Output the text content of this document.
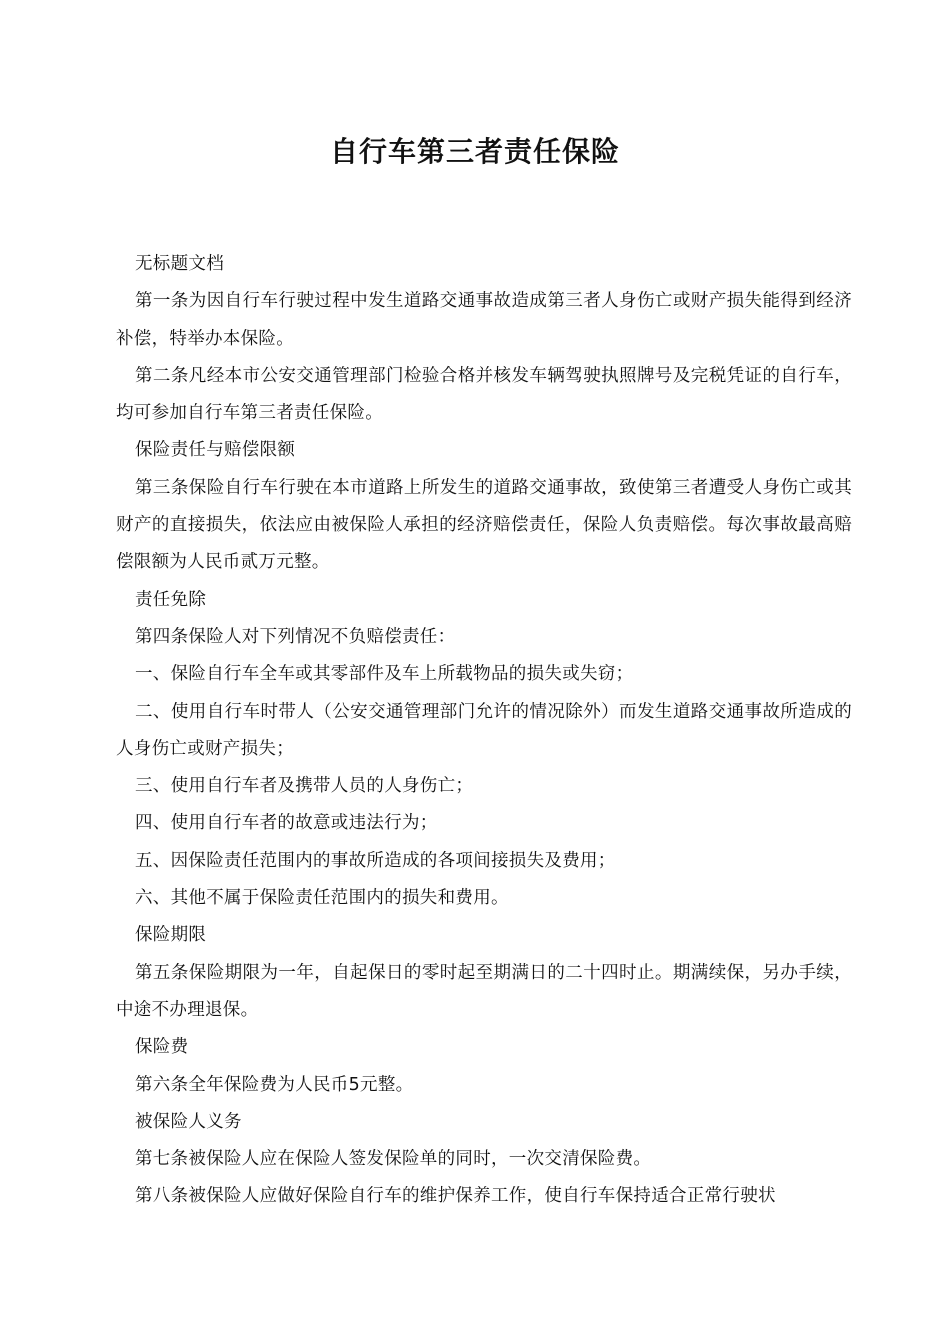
自行车第三者责任保险

无标题文档

第一条为因自行车行驶过程中发生道路交通事故造成第三者人身伤亡或财产损失能得到经济补偿，特举办本保险。

第二条凡经本市公安交通管理部门检验合格并核发车辆驾驶执照牌号及完税凭证的自行车，均可参加自行车第三者责任保险。

保险责任与赔偿限额

第三条保险自行车行驶在本市道路上所发生的道路交通事故，致使第三者遭受人身伤亡或其财产的直接损失，依法应由被保险人承担的经济赔偿责任，保险人负责赔偿。每次事故最高赔偿限额为人民币贰万元整。

责任免除

第四条保险人对下列情况不负赔偿责任：

一、保险自行车全车或其零部件及车上所载物品的损失或失窃；

二、使用自行车时带人（公安交通管理部门允许的情况除外）而发生道路交通事故所造成的人身伤亡或财产损失；

三、使用自行车者及携带人员的人身伤亡；

四、使用自行车者的故意或违法行为；

五、因保险责任范围内的事故所造成的各项间接损失及费用；

六、其他不属于保险责任范围内的损失和费用。

保险期限

第五条保险期限为一年，自起保日的零时起至期满日的二十四时止。期满续保，另办手续，中途不办理退保。

保险费

第六条全年保险费为人民币5元整。

被保险人义务

第七条被保险人应在保险人签发保险单的同时，一次交清保险费。

第八条被保险人应做好保险自行车的维护保养工作，使自行车保持适合正常行驶状
